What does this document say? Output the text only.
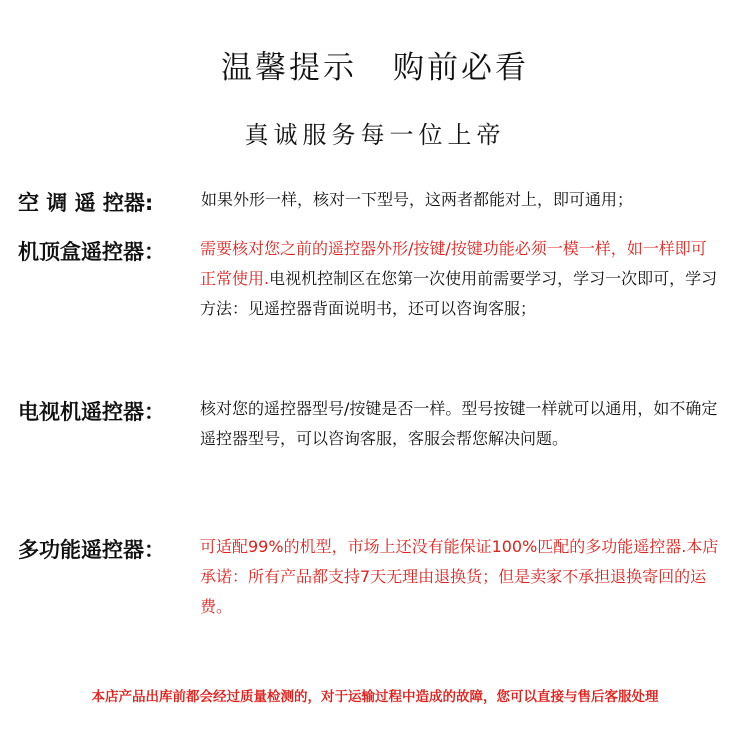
温馨提示 购前必看
真诚服务每一位上帝
空 调 遥 控器:	如果外形一样，核对一下型号，这两者都能对上，即可通用；
机顶盒遥控器： 需要核对您之前的遥控器外形/按键/按键功能必须一模一样，如一样即可正常使用.电视机控制区在您第一次使用前需要学习，学习一次即可，学习方法：见遥控器背面说明书，还可以咨询客服；
电视机遥控器： 核对您的遥控器型号/按键是否一样。型号按键一样就可以通用，如不确定遥控器型号，可以咨询客服，客服会帮您解决问题。
多功能遥控器： 可适配99%的机型，市场上还没有能保证100%匹配的多功能遥控器.本店承诺：所有产品都支持7天无理由退换货；但是卖家不承担退换寄回的运费。
本店产品出库前都会经过质量检测的，对于运输过程中造成的故障，您可以直接与售后客服处理
